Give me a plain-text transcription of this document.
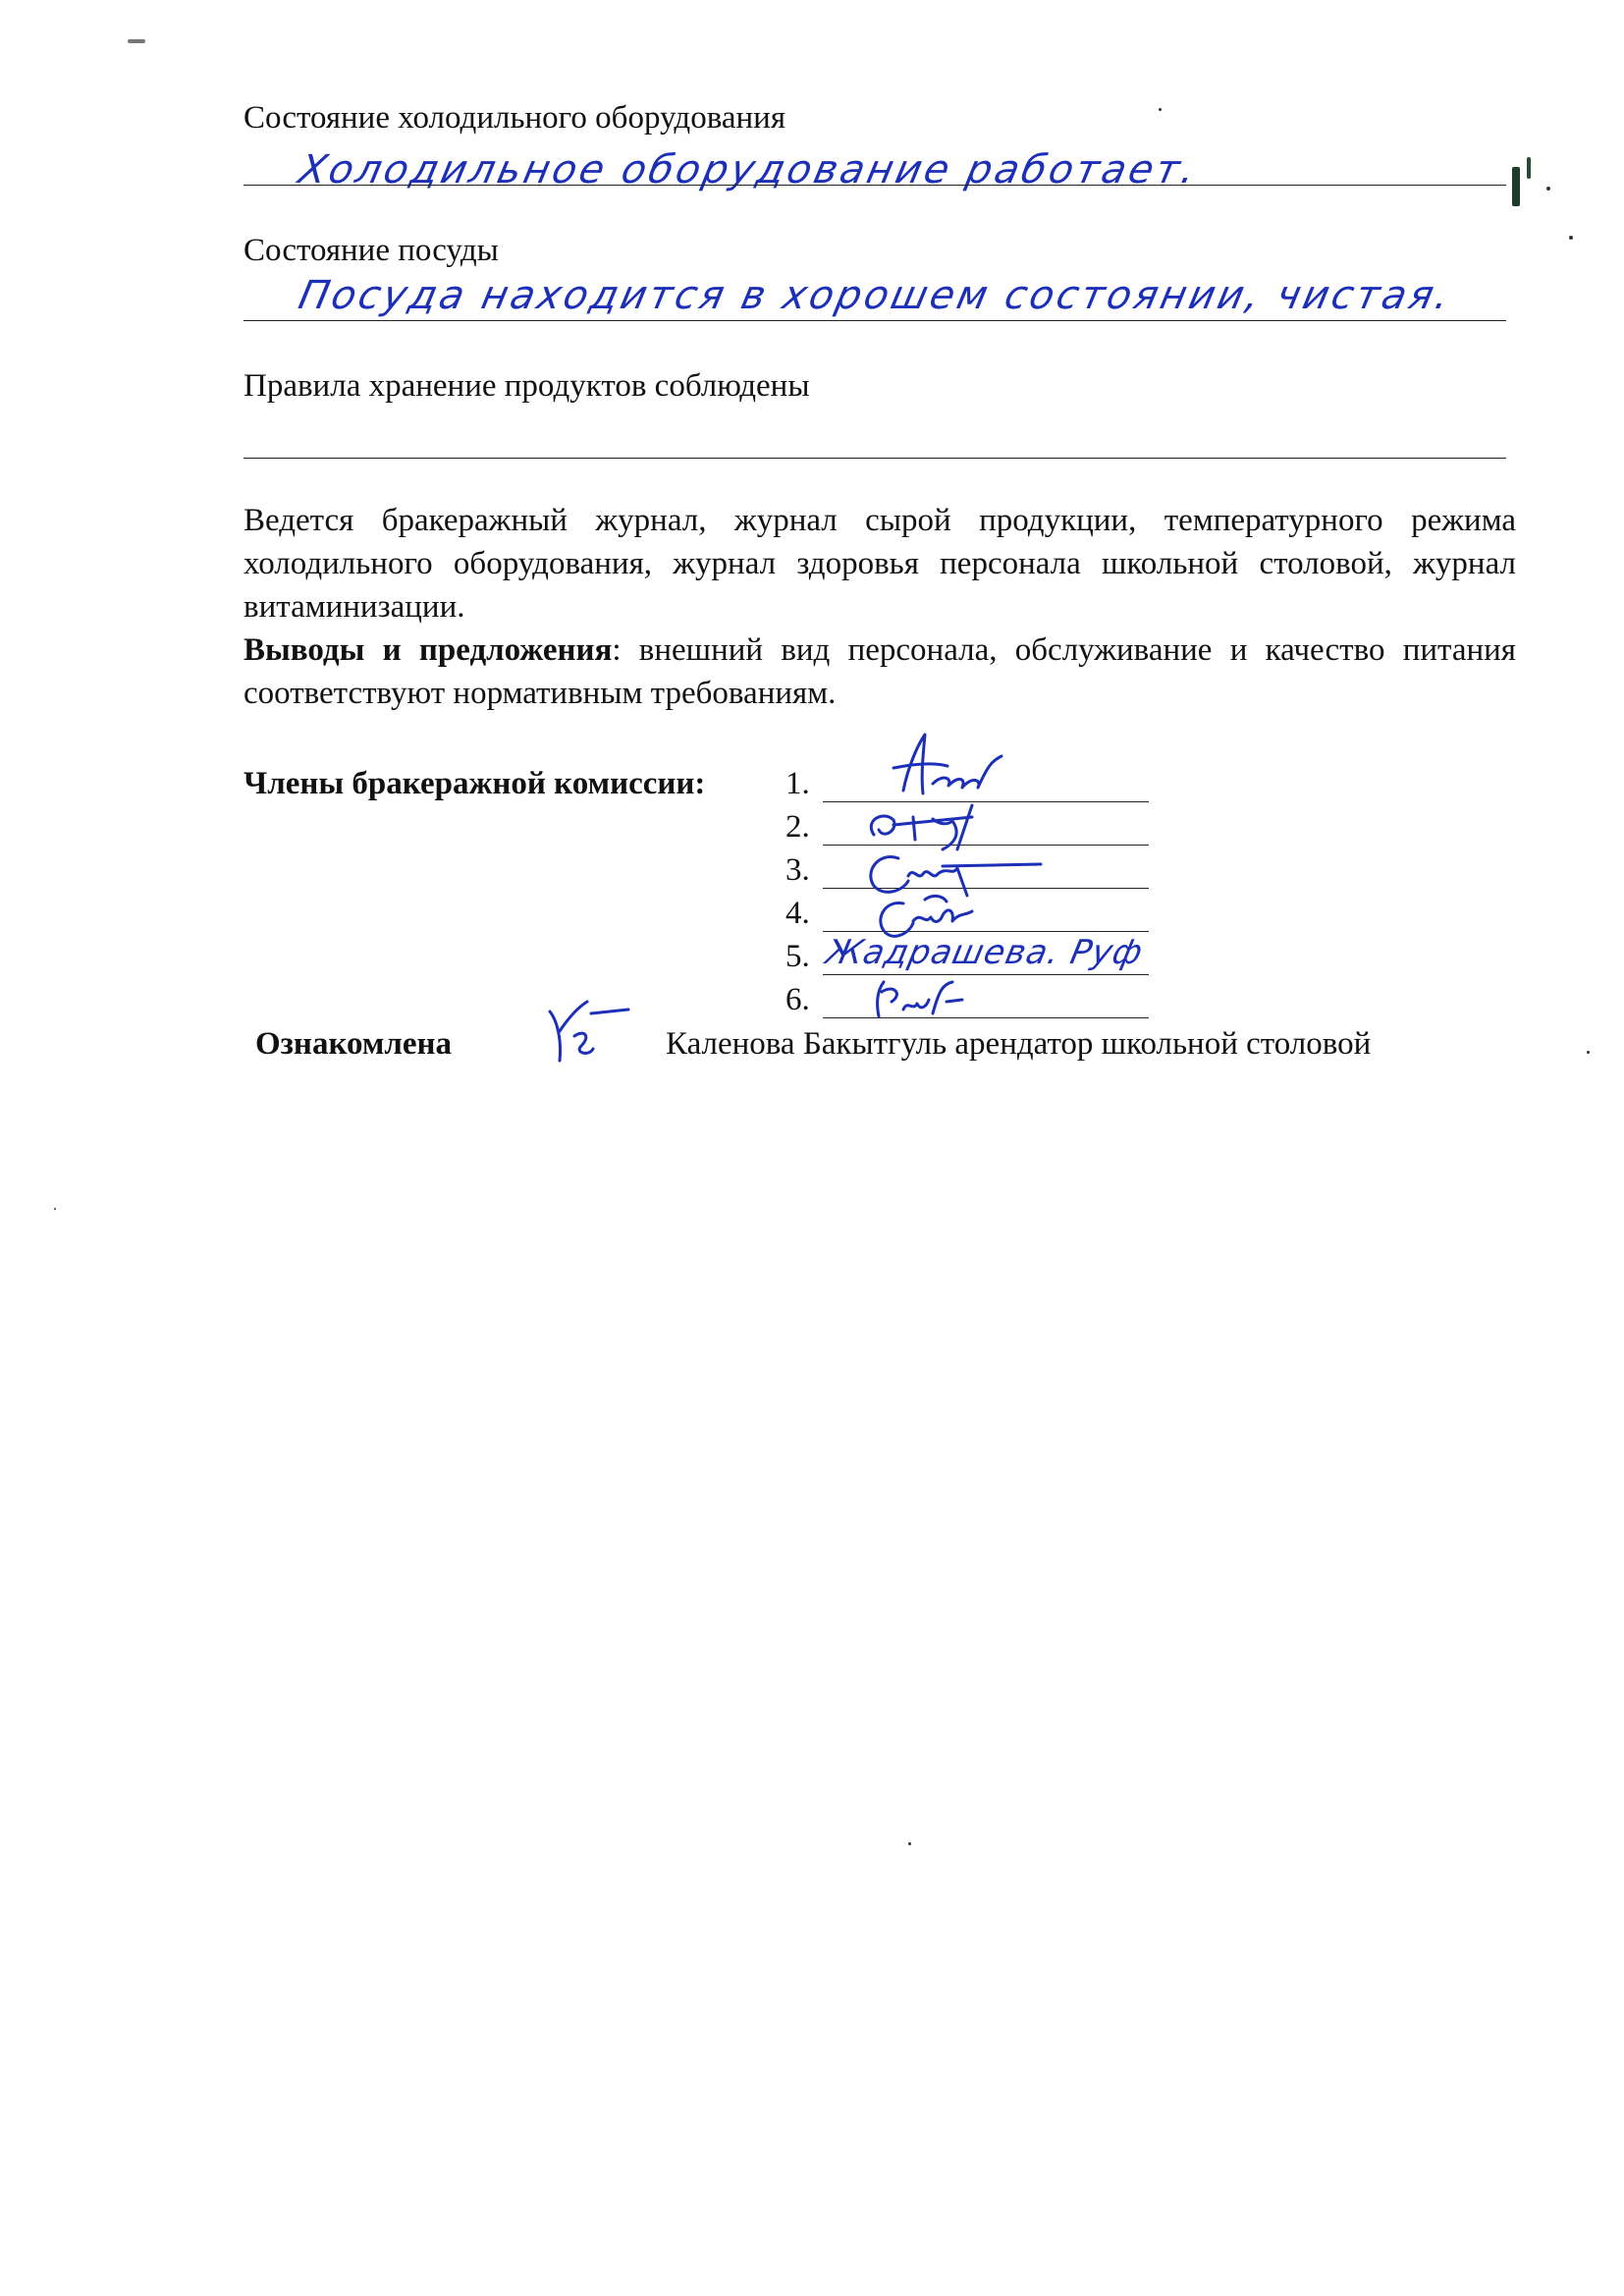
Состояние холодильного оборудования
Холодильное оборудование работает.
Состояние посуды
Посуда находится в хорошем состоянии, чистая.
Правила хранение продуктов соблюдены
Ведется бракеражный журнал, журнал сырой продукции, температурного режима холодильного оборудования, журнал здоровья персонала школьной столовой, журнал витаминизации.
Выводы и предложения: внешний вид персонала, обслуживание и качество питания соответствуют нормативным требованиям.
Члены бракеражной комиссии: 1.
2.
3.
4.
5. Жадрашева. Руф
6.
Ознакомлена	Каленова Бакытгуль арендатор школьной столовой
